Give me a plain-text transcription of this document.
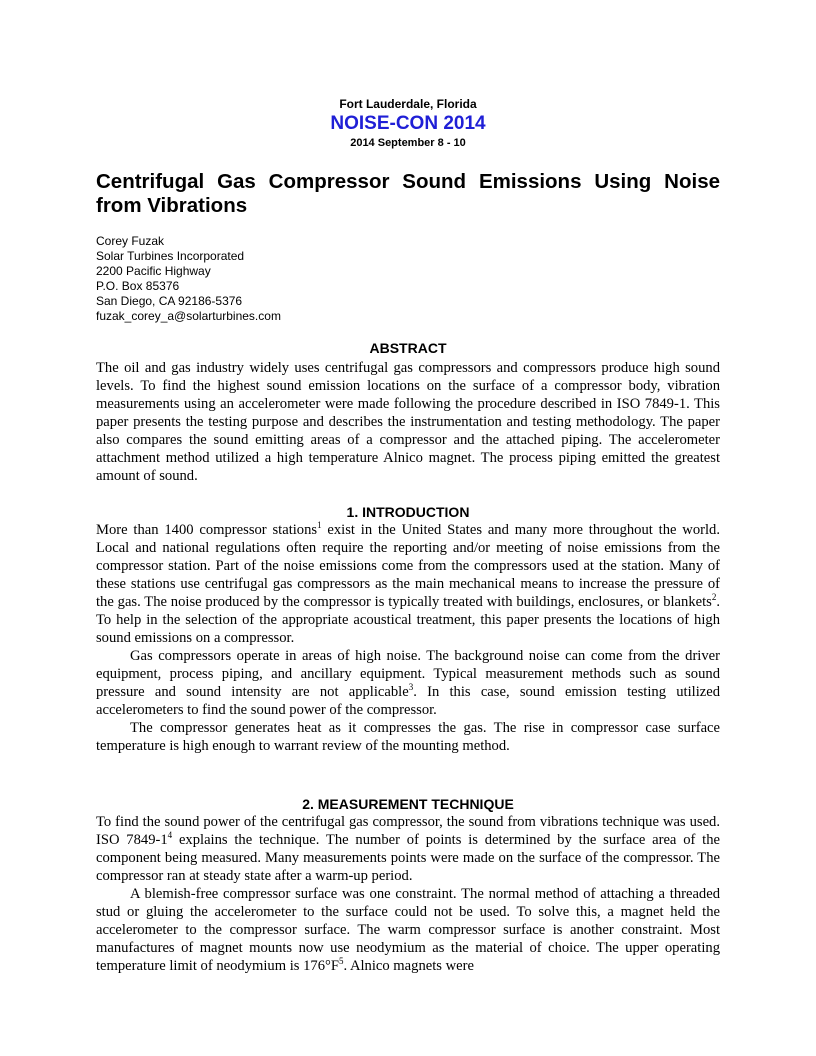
Fort Lauderdale, Florida
NOISE-CON 2014
2014 September 8 - 10
Centrifugal Gas Compressor Sound Emissions Using Noise from Vibrations
Corey Fuzak
Solar Turbines Incorporated
2200 Pacific Highway
P.O. Box 85376
San Diego, CA 92186-5376
fuzak_corey_a@solarturbines.com
ABSTRACT

The oil and gas industry widely uses centrifugal gas compressors and compressors produce high sound levels. To find the highest sound emission locations on the surface of a compressor body, vibration measurements using an accelerometer were made following the procedure described in ISO 7849-1. This paper presents the testing purpose and describes the instrumentation and testing methodology. The paper also compares the sound emitting areas of a compressor and the attached piping. The accelerometer attachment method utilized a high temperature Alnico magnet. The process piping emitted the greatest amount of sound.

1. INTRODUCTION

More than 1400 compressor stations$^1$ exist in the United States and many more throughout the world. Local and national regulations often require the reporting and/or meeting of noise emissions from the compressor station. Part of the noise emissions come from the compressors used at the station. Many of these stations use centrifugal gas compressors as the main mechanical means to increase the pressure of the gas. The noise produced by the compressor is typically treated with buildings, enclosures, or blankets$^2$. To help in the selection of the appropriate acoustical treatment, this paper presents the locations of high sound emissions on a compressor.

Gas compressors operate in areas of high noise. The background noise can come from the driver equipment, process piping, and ancillary equipment. Typical measurement methods such as sound pressure and sound intensity are not applicable$^3$. In this case, sound emission testing utilized accelerometers to find the sound power of the compressor.

The compressor generates heat as it compresses the gas. The rise in compressor case surface temperature is high enough to warrant review of the mounting method.

2. MEASUREMENT TECHNIQUE

To find the sound power of the centrifugal gas compressor, the sound from vibrations technique was used. ISO $7849-1^4$ explains the technique. The number of points is determined by the surface area of the component being measured. Many measurements points were made on the surface of the compressor. The compressor ran at steady state after a warm-up period.

A blemish-free compressor surface was one constraint. The normal method of attaching a threaded stud or gluing the accelerometer to the surface could not be used. To solve this, a magnet held the accelerometer to the compressor surface. The warm compressor surface is another constraint. Most manufactures of magnet mounts now use neodymium as the material of choice. The upper operating temperature limit of neodymium is $176^\circ F^5$. Alnico magnets were
